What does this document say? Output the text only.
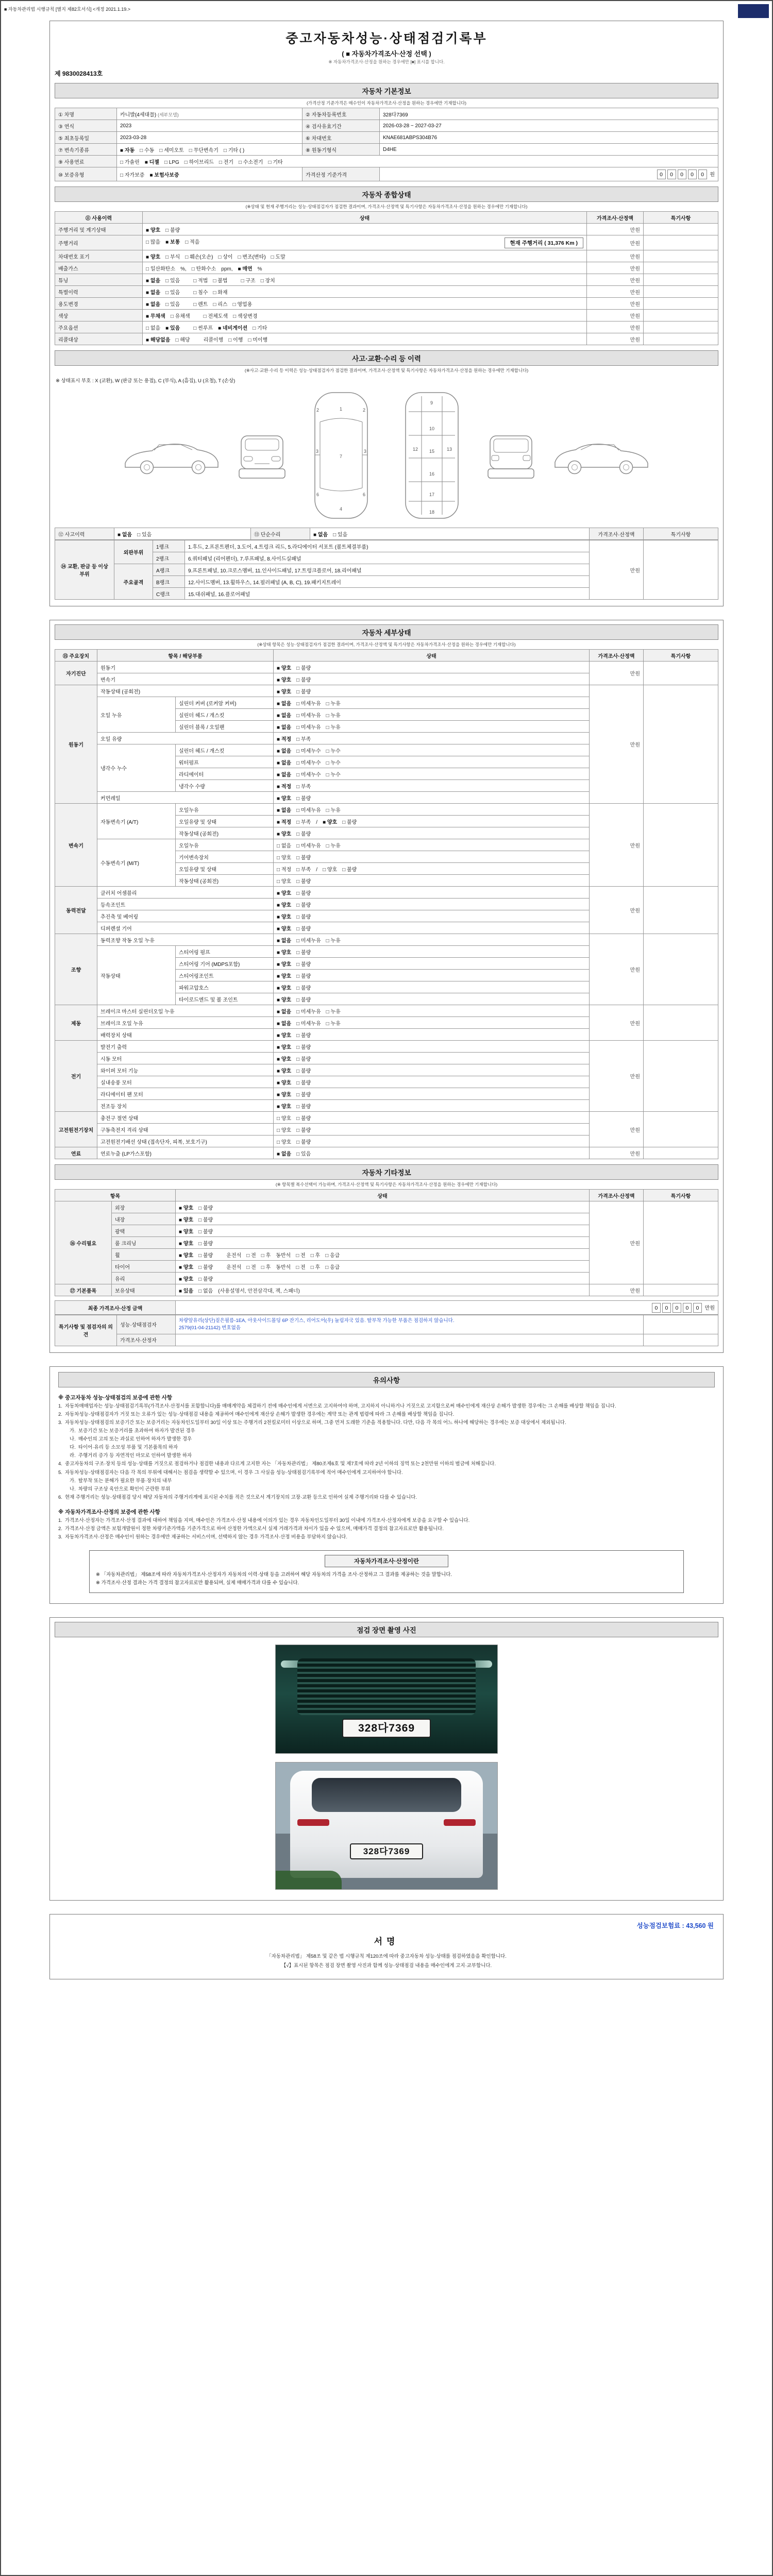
■ 자동차관리법 시행규칙 [별지 제82호서식] <개정 2021.1.19.>
중고자동차성능·상태점검기록부
( ■ 자동차가격조사·산정 선택 )
※ 자동차가격조사·산정을 원하는 경우에만 [■] 표시를 합니다.
제 9830028413호
자동차 기본정보
(가격산정 기준가격은 매수인이 자동차가격조사·산정을 원하는 경우에만 기재합니다)
① 차명	카니발(4세대믈) (세부모델)	② 자동차등록번호	328다7369
③ 연식	2023	④ 검사유효기간	2026-03-28 ~ 2027-03-27
⑤ 최초등록일	2023-03-28	⑥ 차대번호	KNAE681ABPS304B76
⑦ 변속기종류	■ 자동 □ 수동 □ 세미오토 □ 무단변속기 □ 기타 ( )	⑧ 원동기형식	D4HE
⑨ 사용연료	□ 가솔린 ■ 디젤 □ LPG □ 하이브리드 □ 전기 □ 수소전기 □ 기타		
⑩ 보증유형	□ 자가보증 ■ 보험사보증	가격산정 기준가격	0 0 0 0 0 원
자동차 종합상태
(※상태 및 현재 주행거리는 성능·상태점검자가 점검한 결과이며, 가격조사·산정액 및 특기사항은 자동차가격조사·산정을 원하는 경우에만 기재합니다)
⑪ 사용이력	상태	가격조사·산정액	특기사항
주행거리 및 계기상태	■ 양호 □ 불량	만원	
주행거리	현재 주행거리 ( 31,376 Km )
□ 많음 ■ 보통 □ 적음	만원	
차대번호 표기	■ 양호 □ 부식 □ 훼손(오손) □ 상이 □ 변조(변타) □ 도말	만원	
배출가스	□ 일산화탄소 %, □ 탄화수소 ppm, ■ 매연 %	만원	
튜닝	■ 없음 □ 있음 □ 적법 □ 불법 □ 구조 □ 장치	만원	
특별이력	■ 없음 □ 있음 □ 침수 □ 화재	만원	
용도변경	■ 없음 □ 있음 □ 렌트 □ 리스 □ 영업용	만원	
색상	■ 무채색 □ 유채색 □ 전체도색 □ 색상변경	만원	
주요옵션	□ 없음 ■ 있음 □ 썬루프 ■ 네비게이션 □ 기타	만원	
리콜대상	■ 해당없음 □ 해당 리콜이행 □ 이행 □ 미이행	만원	
사고·교환·수리 등 이력
(※사고·교환·수리 등 이력은 성능·상태점검자가 점검한 결과이며, 가격조사·산정액 및 특기사항은 자동차가격조사·산정을 원하는 경우에만 기재합니다)
※ 상태표시 부호 : X (교환), W (판금 또는 용접), C (부식), A (흠집), U (요철), T (손상)
1
2	2
3	3
7
6	6
4
9
10
12	13
15
16
17
18
⑫ 사고이력	■ 없음 □ 있음	⑬ 단순수리	■ 없음 □ 있음	가격조사·산정액	특기사항
⑭ 교환, 판금 등 이상 부위	외판부위	1랭크	1.후드, 2.프론트펜더, 3.도어, 4.트렁크 리드, 5.라디에이터 서포트 (볼트체결부품)	만원	
		2랭크	6.쿼터패널 (리어펜더), 7.루프패널, 8.사이드실패널		
	주요골격	A랭크	9.프론트패널, 10.크로스멤버, 11.인사이드패널, 17.트렁크플로어, 18.리어패널		
		B랭크	12.사이드멤버, 13.휠하우스, 14.필러패널 (A, B, C), 19.패키지트레이		
		C랭크	15.대쉬패널, 16.플로어패널		
자동차 세부상태
(※상태 항목은 성능·상태점검자가 점검한 결과이며, 가격조사·산정액 및 특기사항은 자동차가격조사·산정을 원하는 경우에만 기재합니다)
⑮ 주요장치	항목 / 해당부품		상태	가격조사·산정액	특기사항
자기진단	원동기		■ 양호 □ 불량	만원	
	변속기		■ 양호 □ 불량		
원동기	작동상태 (공회전)		■ 양호 □ 불량	만원	
	오일 누유	실린더 커버 (로커암 커버)	■ 없음 □ 미세누유 □ 누유		
		실린더 헤드 / 개스킷	■ 없음 □ 미세누유 □ 누유		
		실린더 블록 / 오일팬	■ 없음 □ 미세누유 □ 누유		
	오일 유량		■ 적정 □ 부족		
	냉각수 누수	실린더 헤드 / 개스킷	■ 없음 □ 미세누수 □ 누수		
		워터펌프	■ 없음 □ 미세누수 □ 누수		
		라디에이터	■ 없음 □ 미세누수 □ 누수		
		냉각수 수량	■ 적정 □ 부족		
	커먼레일		■ 양호 □ 불량		
변속기	자동변속기 (A/T)	오일누유	■ 없음 □ 미세누유 □ 누유	만원	
		오일유량 및 상태	■ 적정 □ 부족 / ■ 양호 □ 불량		
		작동상태 (공회전)	■ 양호 □ 불량		
	수동변속기 (M/T)	오일누유	□ 없음 □ 미세누유 □ 누유		
		기어변속장치	□ 양호 □ 불량		
		오일유량 및 상태	□ 적정 □ 부족 / □ 양호 □ 불량		
		작동상태 (공회전)	□ 양호 □ 불량		
동력전달	클러치 어셈블리		■ 양호 □ 불량	만원	
	등속조인트		■ 양호 □ 불량		
	추진축 및 베어링		■ 양호 □ 불량		
	디퍼렌셜 기어		■ 양호 □ 불량		
조향	동력조향 작동 오일 누유		■ 없음 □ 미세누유 □ 누유	만원	
	작동상태	스티어링 펌프	■ 양호 □ 불량		
		스티어링 기어 (MDPS포함)	■ 양호 □ 불량		
		스티어링조인트	■ 양호 □ 불량		
		파워고압호스	■ 양호 □ 불량		
		타이로드엔드 및 볼 조인트	■ 양호 □ 불량		
제동	브레이크 마스터 실린더오일 누유		■ 없음 □ 미세누유 □ 누유	만원	
	브레이크 오일 누유		■ 없음 □ 미세누유 □ 누유		
	배력장치 상태		■ 양호 □ 불량		
전기	발전기 출력		■ 양호 □ 불량	만원	
	시동 모터		■ 양호 □ 불량		
	와이퍼 모터 기능		■ 양호 □ 불량		
	실내송풍 모터		■ 양호 □ 불량		
	라디에이터 팬 모터		■ 양호 □ 불량		
	전조등 장치		■ 양호 □ 불량		
고전원전기장치	충전구 절연 상태		□ 양호 □ 불량	만원	
	구동축전지 격리 상태		□ 양호 □ 불량		
	고전원전기배선 상태 (접속단자, 피복, 보호기구)		□ 양호 □ 불량		
연료	연료누출 (LP가스포함)		■ 없음 □ 있음	만원	
자동차 기타정보
(※ 항목별 복수선택이 가능하며, 가격조사·산정액 및 특기사항은 자동차가격조사·산정을 원하는 경우에만 기재합니다)
항목		상태	가격조사·산정액	특기사항
⑯ 수리필요	외장	■ 양호 □ 불량	만원	
	내장	■ 양호 □ 불량		
	광택	■ 양호 □ 불량		
	룸 크리닝	■ 양호 □ 불량		
	휠	■ 양호 □ 불량 운전석 □ 전 □ 후 동반석 □ 전 □ 후 □ 응급		
	타이어	■ 양호 □ 불량 운전석 □ 전 □ 후 동반석 □ 전 □ 후 □ 응급		
	유리	■ 양호 □ 불량		
⑰ 기본품목	보유상태	■ 있음 □ 없음 (사용설명서, 안전삼각대, 잭, 스패너)	만원	
최종 가격조사·산정 금액	0 0 0 0 0 만원
특기사항 및 점검자의 의견	성능·상태점검자	차량앞유리(상단)짙은필름-1EA, 아웃사이드몰딩 6P 잔기스, 리어도어(우) 눌림자국 있음. 탈부착 가능한 부품은 점검하지 않습니다.
2579(01-04-21142) 번호없음	

	가격조사·산정자	

유의사항
※ 중고자동차 성능·상태점검의 보증에 관한 사항
1. 자동차매매업자는 성능·상태점검기록부(가격조사·산정서를 포함합니다)를 매매계약을 체결하기 전에 매수인에게 서면으로 고지하여야 하며, 고지하지 아니하거나 거짓으로 고지함으로써 매수인에게 재산상 손해가 발생한 경우에는 그 손해를 배상할 책임을 집니다.
2. 자동차성능·상태점검자가 거짓 또는 오류가 있는 성능·상태점검 내용을 제공하여 매수인에게 재산상 손해가 발생한 경우에는 계약 또는 관계 법령에 따라 그 손해를 배상할 책임을 집니다.
3. 자동차성능·상태점검의 보증기간 또는 보증거리는 자동차인도일부터 30일 이상 또는 주행거리 2천킬로미터 이상으로 하며, 그중 먼저 도래한 기준을 적용합니다. 다만, 다음 각 목의 어느 하나에 해당하는 경우에는 보증 대상에서 제외됩니다.
가. 보증기간 또는 보증거리를 초과하여 하자가 발견된 경우
나. 매수인의 고의 또는 과실로 인하여 하자가 발생한 경우
다. 타이어·유리 등 소모성 부품 및 기본품목의 하자
라. 주행거리 증가 등 자연적인 마모로 인하여 발생한 하자
4. 중고자동차의 구조·장치 등의 성능·상태를 거짓으로 점검하거나 점검한 내용과 다르게 고지한 자는 「자동차관리법」 제80조제6호 및 제7호에 따라 2년 이하의 징역 또는 2천만원 이하의 벌금에 처해집니다.
5. 자동차성능·상태점검자는 다음 각 목의 부위에 대해서는 점검을 생략할 수 있으며, 이 경우 그 사실을 성능·상태점검기록부에 적어 매수인에게 고지하여야 합니다.
가. 탈부착 또는 분해가 필요한 부품·장치의 내부
나. 차량의 구조상 육안으로 확인이 곤란한 부위
6. 현재 주행거리는 성능·상태점검 당시 해당 자동차의 주행거리계에 표시된 수치를 적은 것으로서 계기장치의 고장·교환 등으로 인하여 실제 주행거리와 다를 수 있습니다.
※ 자동차가격조사·산정의 보증에 관한 사항
1. 가격조사·산정자는 가격조사·산정 결과에 대하여 책임을 지며, 매수인은 가격조사·산정 내용에 이의가 있는 경우 자동차인도일부터 30일 이내에 가격조사·산정자에게 보증을 요구할 수 있습니다.
2. 가격조사·산정 금액은 보험개발원이 정한 차량기준가액을 기준가격으로 하여 산정한 가액으로서 실제 거래가격과 차이가 있을 수 있으며, 매매가격 결정의 참고자료로만 활용됩니다.
3. 자동차가격조사·산정은 매수인이 원하는 경우에만 제공하는 서비스이며, 선택하지 않는 경우 가격조사·산정 비용을 부담하지 않습니다.
자동차가격조사·산정이란
※ 「자동차관리법」 제58조에 따라 자동차가격조사·산정자가 자동차의 이력·상태 등을 고려하여 해당 자동차의 가격을 조사·산정하고 그 결과를 제공하는 것을 말합니다.
※ 가격조사·산정 결과는 가격 결정의 참고자료로만 활용되며, 실제 매매가격과 다를 수 있습니다.
점검 장면 촬영 사진
328다7369
328다7369
성능점검보험료 : 43,560 원
서명
「자동차관리법」 제58조 및 같은 법 시행규칙 제120조에 따라 중고자동차 성능·상태를 점검하였음을 확인합니다.
【√】표시된 항목은 점검 장면 촬영 사진과 함께 성능·상태점검 내용을 매수인에게 고지·교부합니다.
